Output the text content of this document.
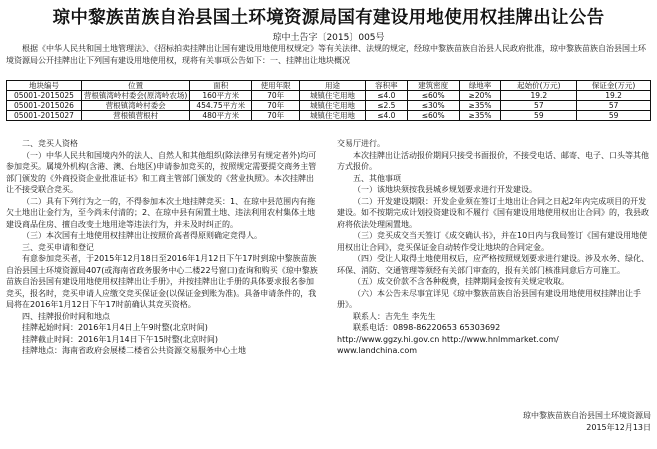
琼中黎族苗族自治县国土环境资源局国有建设用地使用权挂牌出让公告
琼中土告字〔2015〕005号
根据《中华人民共和国土地管理法》、《招标拍卖挂牌出让国有建设用地使用权规定》等有关法律、法规的规定，经琼中黎族苗族自治县人民政府批准，琼中黎族苗族自治县国土环境资源局公开挂牌出让下列国有建设用地使用权，现将有关事项公告如下：一、挂牌出让地块概况
地块编号	位置	面积	使用年限	用途	容积率	建筑密度	绿地率	起始价(万元)	保证金(万元)
05001-2015025	营根镇湾岭村委会(原湾岭农场)	160平方米	70年	城镇住宅用地	≤4.0	≤60%	≥20%	19.2	19.2
05001-2015026	营根镇湾岭村委会	454.75平方米	70年	城镇住宅用地	≤2.5	≤30%	≥35%	57	57
05001-2015027	营根镇营根村	480平方米	70年	城镇住宅用地	≤4.0	≤60%	≥35%	59	59

二、竞买人资格

（一）中华人民共和国境内外的法人、自然人和其他组织(除法律另有规定者外)均可参加竞买。属境外机构(含港、澳、台地区)申请参加竞买的，按照规定需要提交商务主管部门颁发的《外商投资企业批准证书》和工商主管部门颁发的《营业执照》。本次挂牌出让不接受联合竞买。

（二）具有下列行为之一的，不得参加本次土地挂牌竞买：1、在琼中县范围内有拖欠土地出让金行为，至今尚未付清的；2、在琼中县有闲置土地、违法利用农村集体土地建设商品住房、擅自改变土地用途等违法行为，并未及时纠正的。

（三）本次国有土地使用权挂牌出让按照价高者得原则确定竞得人。

三、竞买申请和登记

有意参加竞买者，于2015年12月18日至2016年1月12日下午17时到琼中黎族苗族自治县国土环境资源局407(或海南省政务服务中心二楼22号窗口)查询和购买《琼中黎族苗族自治县国有建设用地使用权挂牌出让手册》，并按挂牌出让手册的具体要求报名参加竞买，报名时，竞买申请人应缴交竞买保证金(以保证金到账为准)。具备申请条件的，我局将在2016年1月12日下午17时前确认其竞买资格。

四、挂牌报价时间和地点

挂牌起始时间：2016年1月4日上午9时整(北京时间)

挂牌截止时间：2016年1月14日下午15时整(北京时间)

挂牌地点：海南省政府会展楼二楼省公共资源交易服务中心土地

交易厅进行。

本次挂牌出让活动报价期间只接受书面报价，不接受电话、邮寄、电子、口头等其他方式报价。

五、其他事项

（一）该地块须按我县城乡规划要求进行开发建设。

（二）开发建设期限：开发企业须在签订土地出让合同之日起2年内完成项目的开发建设。如不按期完成计划投资建设和不履行《国有建设用地使用权出让合同》的，我县政府将依法处理闲置地。

（三）竞买成交当天签订《成交确认书》，并在10日内与我局签订《国有建设用地使用权出让合同》，竞买保证金自动转作受让地块的合同定金。

（四）受让人取得土地使用权后，应严格按照规划要求进行建设。涉及水务、绿化、环保、消防、交通管理等须经有关部门审查的，报有关部门核准同意后方可施工。

（五）成交价款不含各种税费，挂牌期间金按有关规定收取。

（六）本公告未尽事宜详见《琼中黎族苗族自治县国有建设用地使用权挂牌出让手册》。

联系人：吉先生 李先生

联系电话：0898-86220653 65303692

http://www.ggzy.hi.gov.cn http://www.hnlmmarket.com/

www.landchina.com

琼中黎族苗族自治县国土环境资源局
2015年12月13日
